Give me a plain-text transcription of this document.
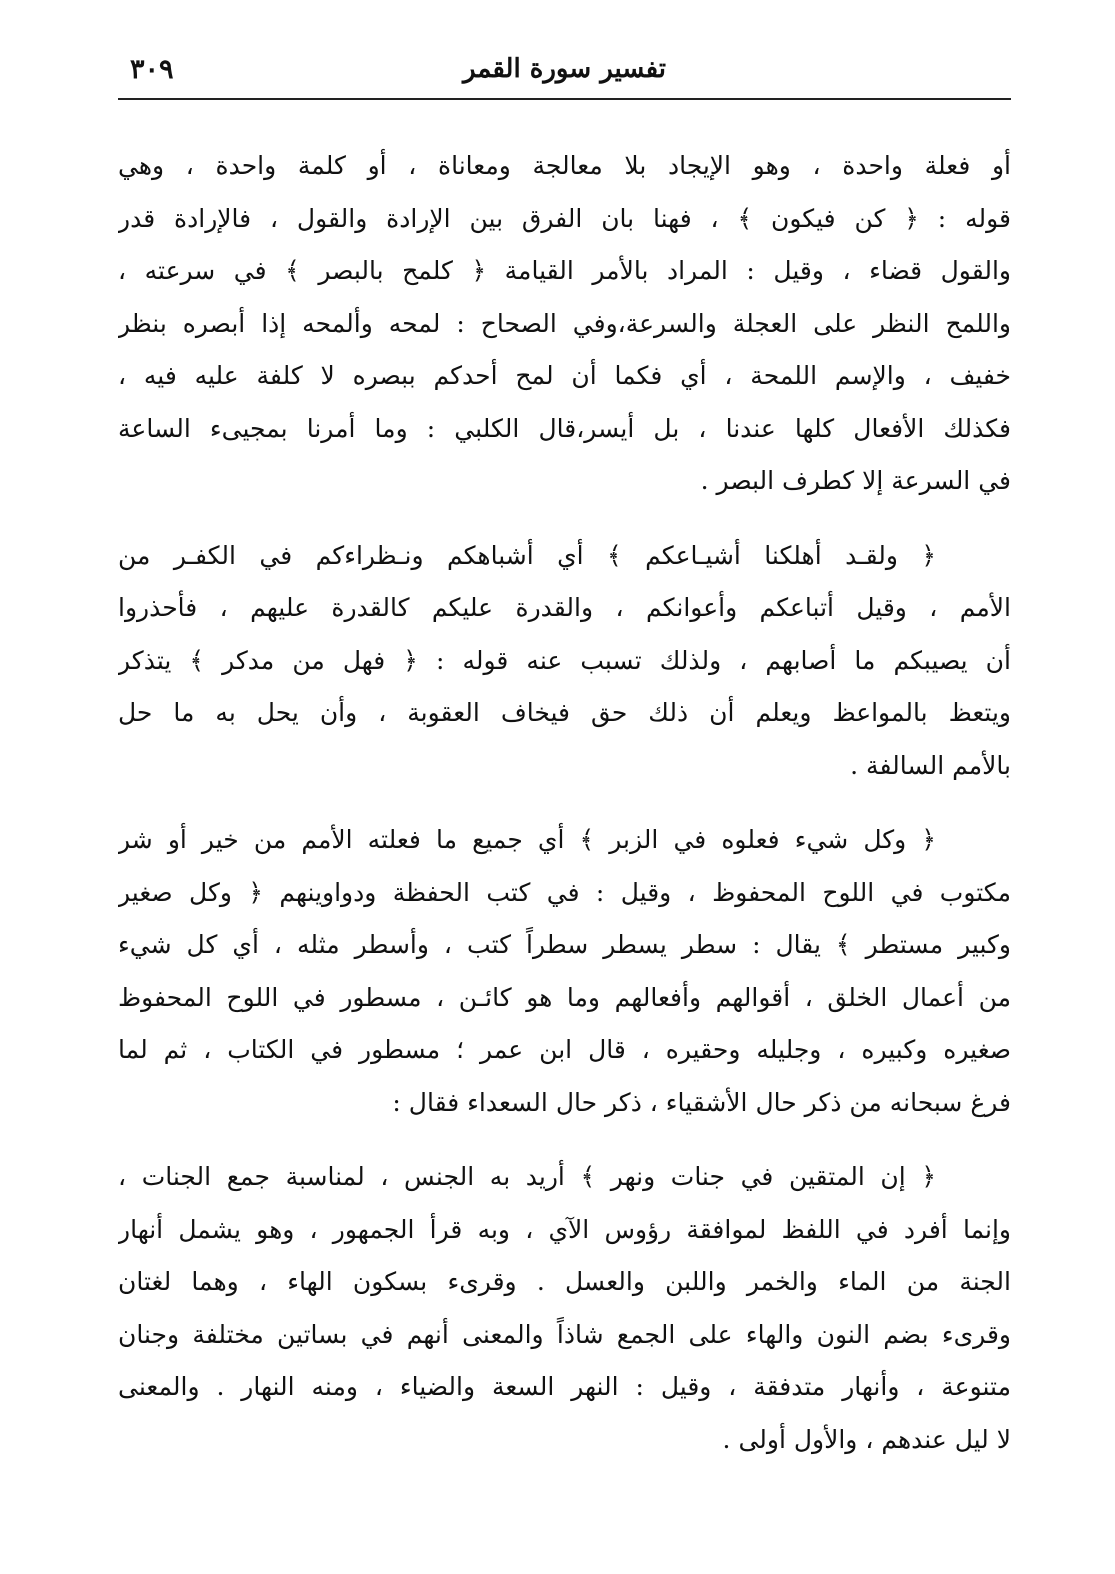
٣٠٩	تفسير سورة القمر
أو فعلة واحدة ، وهو الإيجاد بلا معالجة ومعاناة ، أو كلمة واحدة ، وهي
قوله : ﴿ كن فيكون ﴾ ، فهنا بان الفرق بين الإرادة والقول ، فالإرادة قدر
والقول قضاء ، وقيل : المراد بالأمر القيامة ﴿ كلمح بالبصر ﴾ في سرعته ،
واللمح النظر على العجلة والسرعة،وفي الصحاح : لمحه وألمحه إذا أبصره بنظر
خفيف ، والإسم اللمحة ، أي فكما أن لمح أحدكم ببصره لا كلفة عليه فيه ،
فكذلك الأفعال كلها عندنا ، بل أيسر،قال الكلبي : وما أمرنا بمجيىء الساعة
في السرعة إلا كطرف البصر .
﴿ ولقـد أهلكنا أشيـاعكم ﴾ أي أشباهكم ونـظراءكم في الكفـر من
الأمم ، وقيل أتباعكم وأعوانكم ، والقدرة عليكم كالقدرة عليهم ، فأحذروا
أن يصيبكم ما أصابهم ، ولذلك تسبب عنه قوله : ﴿ فهل من مدكر ﴾ يتذكر
ويتعظ بالمواعظ ويعلم أن ذلك حق فيخاف العقوبة ، وأن يحل به ما حل
بالأمم السالفة .
﴿ وكل شيء فعلوه في الزبر ﴾ أي جميع ما فعلته الأمم من خير أو شر
مكتوب في اللوح المحفوظ ، وقيل : في كتب الحفظة ودواوينهم ﴿ وكل صغير
وكبير مستطر ﴾ يقال : سطر يسطر سطراً كتب ، وأسطر مثله ، أي كل شيء
من أعمال الخلق ، أقوالهم وأفعالهم وما هو كائـن ، مسطور في اللوح المحفوظ
صغيره وكبيره ، وجليله وحقيره ، قال ابن عمر ؛ مسطور في الكتاب ، ثم لما
فرغ سبحانه من ذكر حال الأشقياء ، ذكر حال السعداء فقال :
﴿ إن المتقين في جنات ونهر ﴾ أريد به الجنس ، لمناسبة جمع الجنات ،
وإنما أفرد في اللفظ لموافقة رؤوس الآي ، وبه قرأ الجمهور ، وهو يشمل أنهار
الجنة من الماء والخمر واللبن والعسل . وقرىء بسكون الهاء ، وهما لغتان
وقرىء بضم النون والهاء على الجمع شاذاً والمعنى أنهم في بساتين مختلفة وجنان
متنوعة ، وأنهار متدفقة ، وقيل : النهر السعة والضياء ، ومنه النهار . والمعنى
لا ليل عندهم ، والأول أولى .
